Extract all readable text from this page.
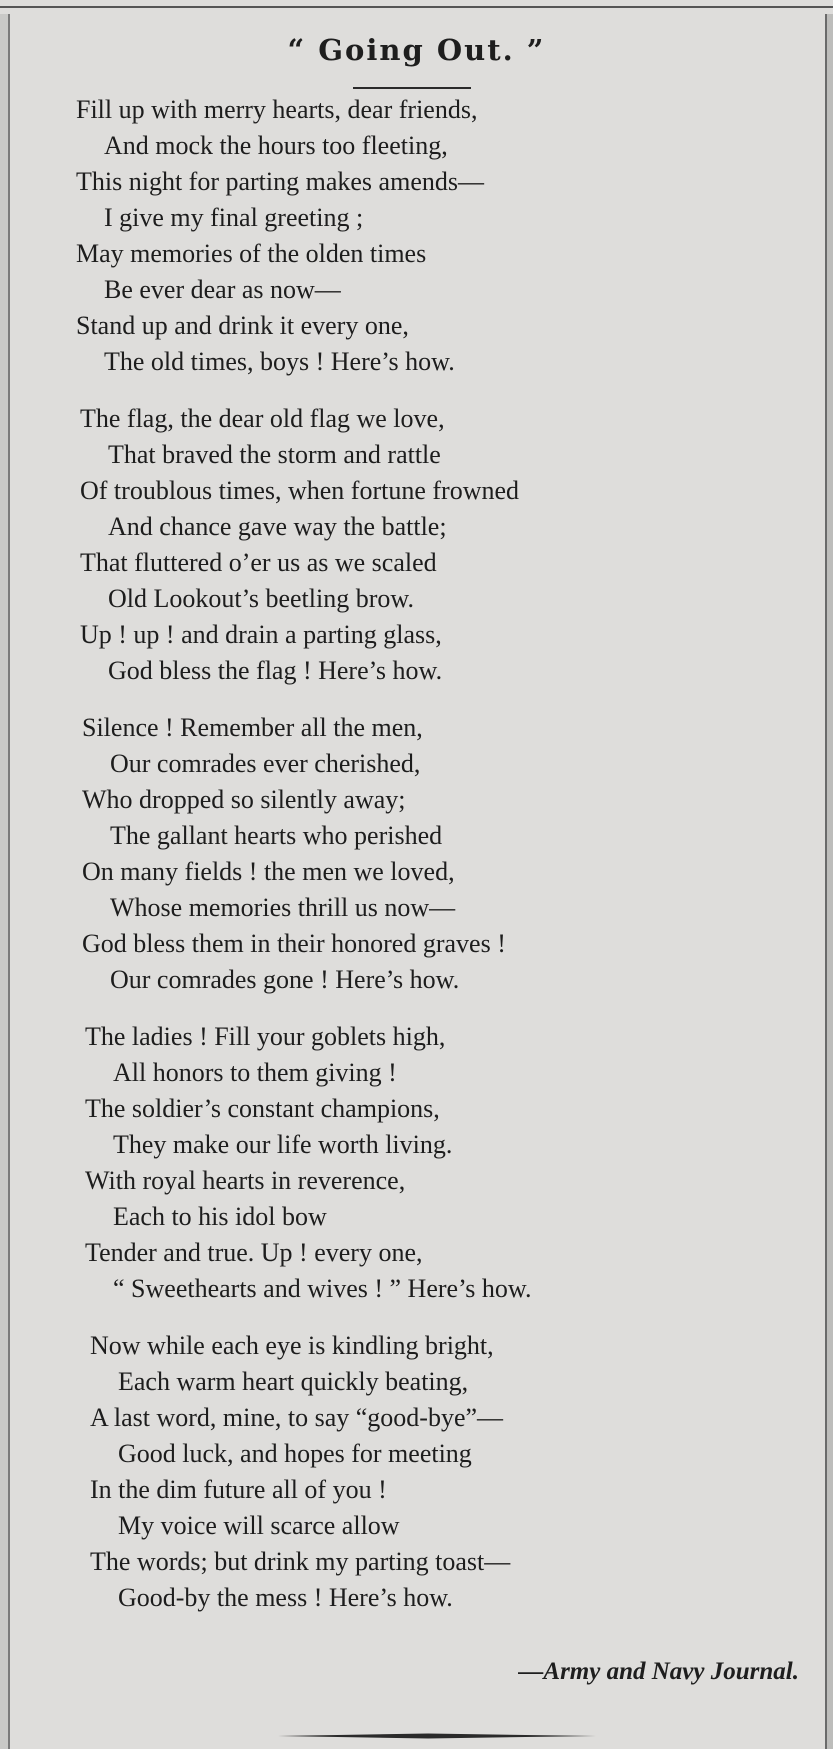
“ Going Out. ”
Fill up with merry hearts, dear friends,
And mock the hours too fleeting,
This night for parting makes amends—
I give my final greeting ;
May memories of the olden times
Be ever dear as now—
Stand up and drink it every one,
The old times, boys ! Here’s how.
The flag, the dear old flag we love,
That braved the storm and rattle
Of troublous times, when fortune frowned
And chance gave way the battle;
That fluttered o’er us as we scaled
Old Lookout’s beetling brow.
Up ! up ! and drain a parting glass,
God bless the flag ! Here’s how.
Silence ! Remember all the men,
Our comrades ever cherished,
Who dropped so silently away;
The gallant hearts who perished
On many fields ! the men we loved,
Whose memories thrill us now—
God bless them in their honored graves !
Our comrades gone ! Here’s how.
The ladies ! Fill your goblets high,
All honors to them giving !
The soldier’s constant champions,
They make our life worth living.
With royal hearts in reverence,
Each to his idol bow
Tender and true. Up ! every one,
“ Sweethearts and wives ! ” Here’s how.
Now while each eye is kindling bright,
Each warm heart quickly beating,
A last word, mine, to say “good-bye”—
Good luck, and hopes for meeting
In the dim future all of you !
My voice will scarce allow
The words; but drink my parting toast—
Good-by the mess ! Here’s how.
—Army and Navy Journal.
